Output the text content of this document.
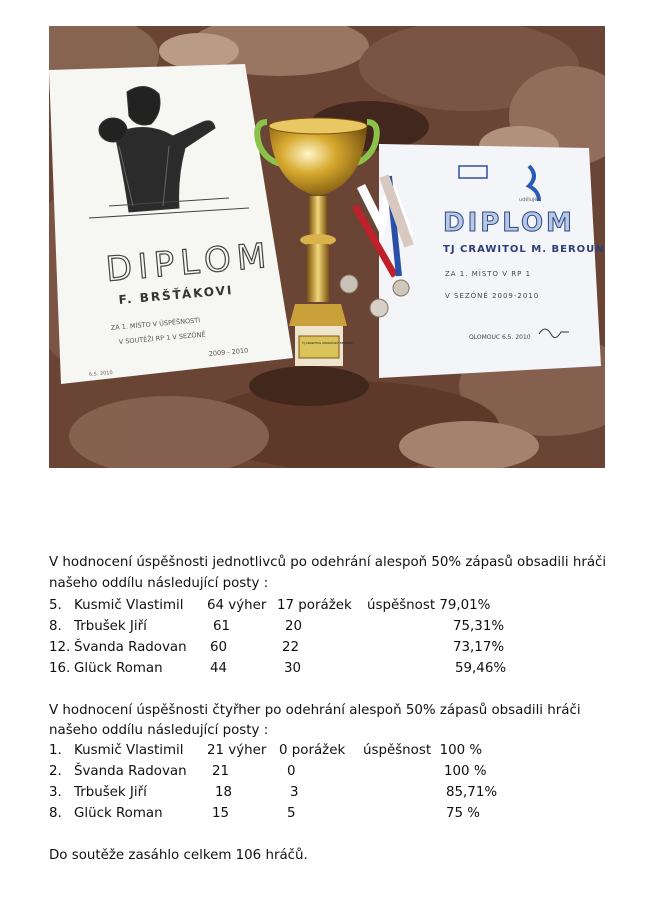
DIPLOM
F. BRŠŤÁKOVI
ZA 1. MÍSTO V ÚSPĚŠNOSTI
V SOUTĚŽI RP 1 V SEZÓNĚ
2009 - 2010
6.5. 2010
uděluje
DIPLOM
TJ CRAWITOL M. BEROUN
ZA 1. MÍSTO V RP 1
V SEZÓNĚ 2009-2010
OLOMOUC 6.5. 2010
TJ CRAWITOL MORAVSKÝ BEROUN
V hodnocení úspěšnosti jednotlivců po odehrání alespoň 50% zápasů obsadili hráči
našeho oddílu následující posty :
5. Kusmič Vlastimil 64 výher 17 porážek úspěšnost 79,01%
8. Trbušek Jiří	61	20	75,31%
12. Švanda Radovan 60	22	73,17%
16. Glück Roman	44	30	59,46%
V hodnocení úspěšnosti čtyřher po odehrání alespoň 50% zápasů obsadili hráči
našeho oddílu následující posty :
1. Kusmič Vlastimil 21 výher 0 porážek úspěšnost  100 %
2. Švanda Radovan 21	0	100 %
3. Trbušek Jiří	18	3	85,71%
8. Glück Roman	15	5	75 %
Do soutěže zasáhlo celkem 106 hráčů.
